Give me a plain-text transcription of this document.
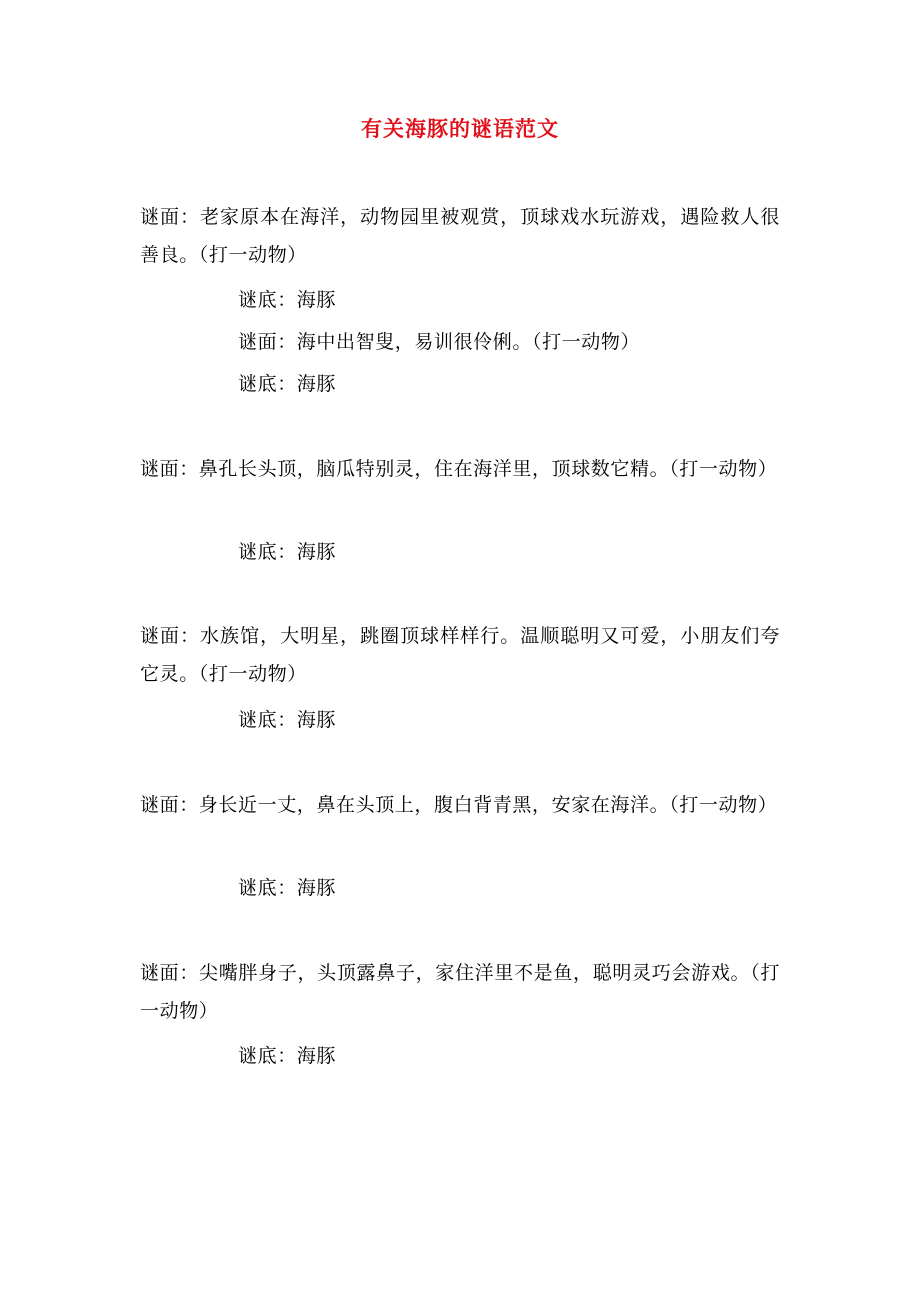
有关海豚的谜语范文
谜面：老家原本在海洋，动物园里被观赏，顶球戏水玩游戏，遇险救人很善良。（打一动物）
谜底：海豚
谜面：海中出智叟，易训很伶俐。（打一动物）
谜底：海豚
谜面：鼻孔长头顶，脑瓜特别灵，住在海洋里，顶球数它精。（打一动物）
谜底：海豚
谜面：水族馆，大明星，跳圈顶球样样行。温顺聪明又可爱，小朋友们夸它灵。（打一动物）
谜底：海豚
谜面：身长近一丈，鼻在头顶上，腹白背青黑，安家在海洋。（打一动物）
谜底：海豚
谜面：尖嘴胖身子，头顶露鼻子，家住洋里不是鱼，聪明灵巧会游戏。（打一动物）
谜底：海豚
